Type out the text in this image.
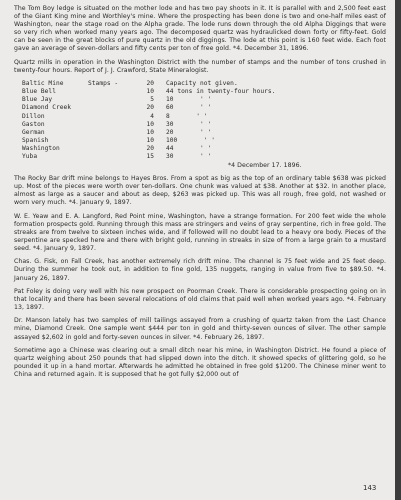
The Tom Boy ledge is situated on the mother lode and has two pay shoots in it. It is parallel with and 2,500 feet east of the Giant King mine and Worthley's mine. Where the prospecting has been done is two and one-half miles east of Washington, near the stage road on the Alpha grade. The lode runs down through the old Alpha Diggings that were so very rich when worked many years ago. The decomposed quartz was hydraulicked down forty or fifty-feet. Gold can be seen in the great blocks of pure quartz in the old diggings. The lode at this point is 160 feet wide. Each foot gave an average of seven-dollars and fifty cents per ton of free gold. *4. December 31, 1896.

Quartz mills in operation in the Washington District with the number of stamps and the number of tons crushed in twenty-four hours. Report of J. J. Crawford, State Mineralogist.

Baltic Mine	Stamps -	20	Capacity not given.
Blue Bell	10	44 tons in twenty-four hours.
Blue Jay	5	10       ' '
Diamond Creek	20	60       ' '
Dillon	4	8       ' '
Gaston	10	30       ' '
German	10	20       ' '
Spanish	10	100       ' '
Washington	20	44       ' '
Yuba	15	30       ' '
*4 December 17. 1896.

The Rocky Bar drift mine belongs to Hayes Bros. From a spot as big as the top of an ordinary table $638 was picked up. Most of the pieces were worth over ten-dollars. One chunk was valued at $38. Another at $32. In another place, almost as large as a saucer and about as deep, $263 was picked up. This was all rough, free gold, not washed or worn very much. *4. January 9, 1897.

W. E. Yeaw and E. A. Langford, Red Point mine, Washington, have a strange formation. For 200 feet wide the whole formation prospects gold. Running through this mass are stringers and veins of gray serpentine, rich in free gold. The streaks are from twelve to sixteen inches wide, and if followed will no doubt lead to a heavy ore body. Pieces of the serpentine are specked here and there with bright gold, running in streaks in size of from a large grain to a mustard seed. *4. January 9, 1897.

Chas. G. Fisk, on Fall Creek, has another extremely rich drift mine. The channel is 75 feet wide and 25 feet deep. During the summer he took out, in addition to fine gold, 135 nuggets, ranging in value from five to $89.50. *4. January 26, 1897.

Pat Foley is doing very well with his new prospect on Poorman Creek. There is considerable prospecting going on in that locality and there has been several relocations of old claims that paid well when worked years ago. *4. February 13, 1897.

Dr. Manson lately has two samples of mill tailings assayed from a crushing of quartz taken from the Last Chance mine, Diamond Creek. One sample went $444 per ton in gold and thirty-seven ounces of silver. The other sample assayed $2,602 in gold and forty-seven ounces in silver. *4. February 26, 1897.

Sometime ago a Chinese was clearing out a small ditch near his mine, in Washington District. He found a piece of quartz weighing about 250 pounds that had slipped down into the ditch. It showed specks of glittering gold, so he pounded it up in a hand mortar. Afterwards he admitted he obtained in free gold $1200. The Chinese miner went to China and returned again. It is supposed that he got fully $2,000 out of

143
